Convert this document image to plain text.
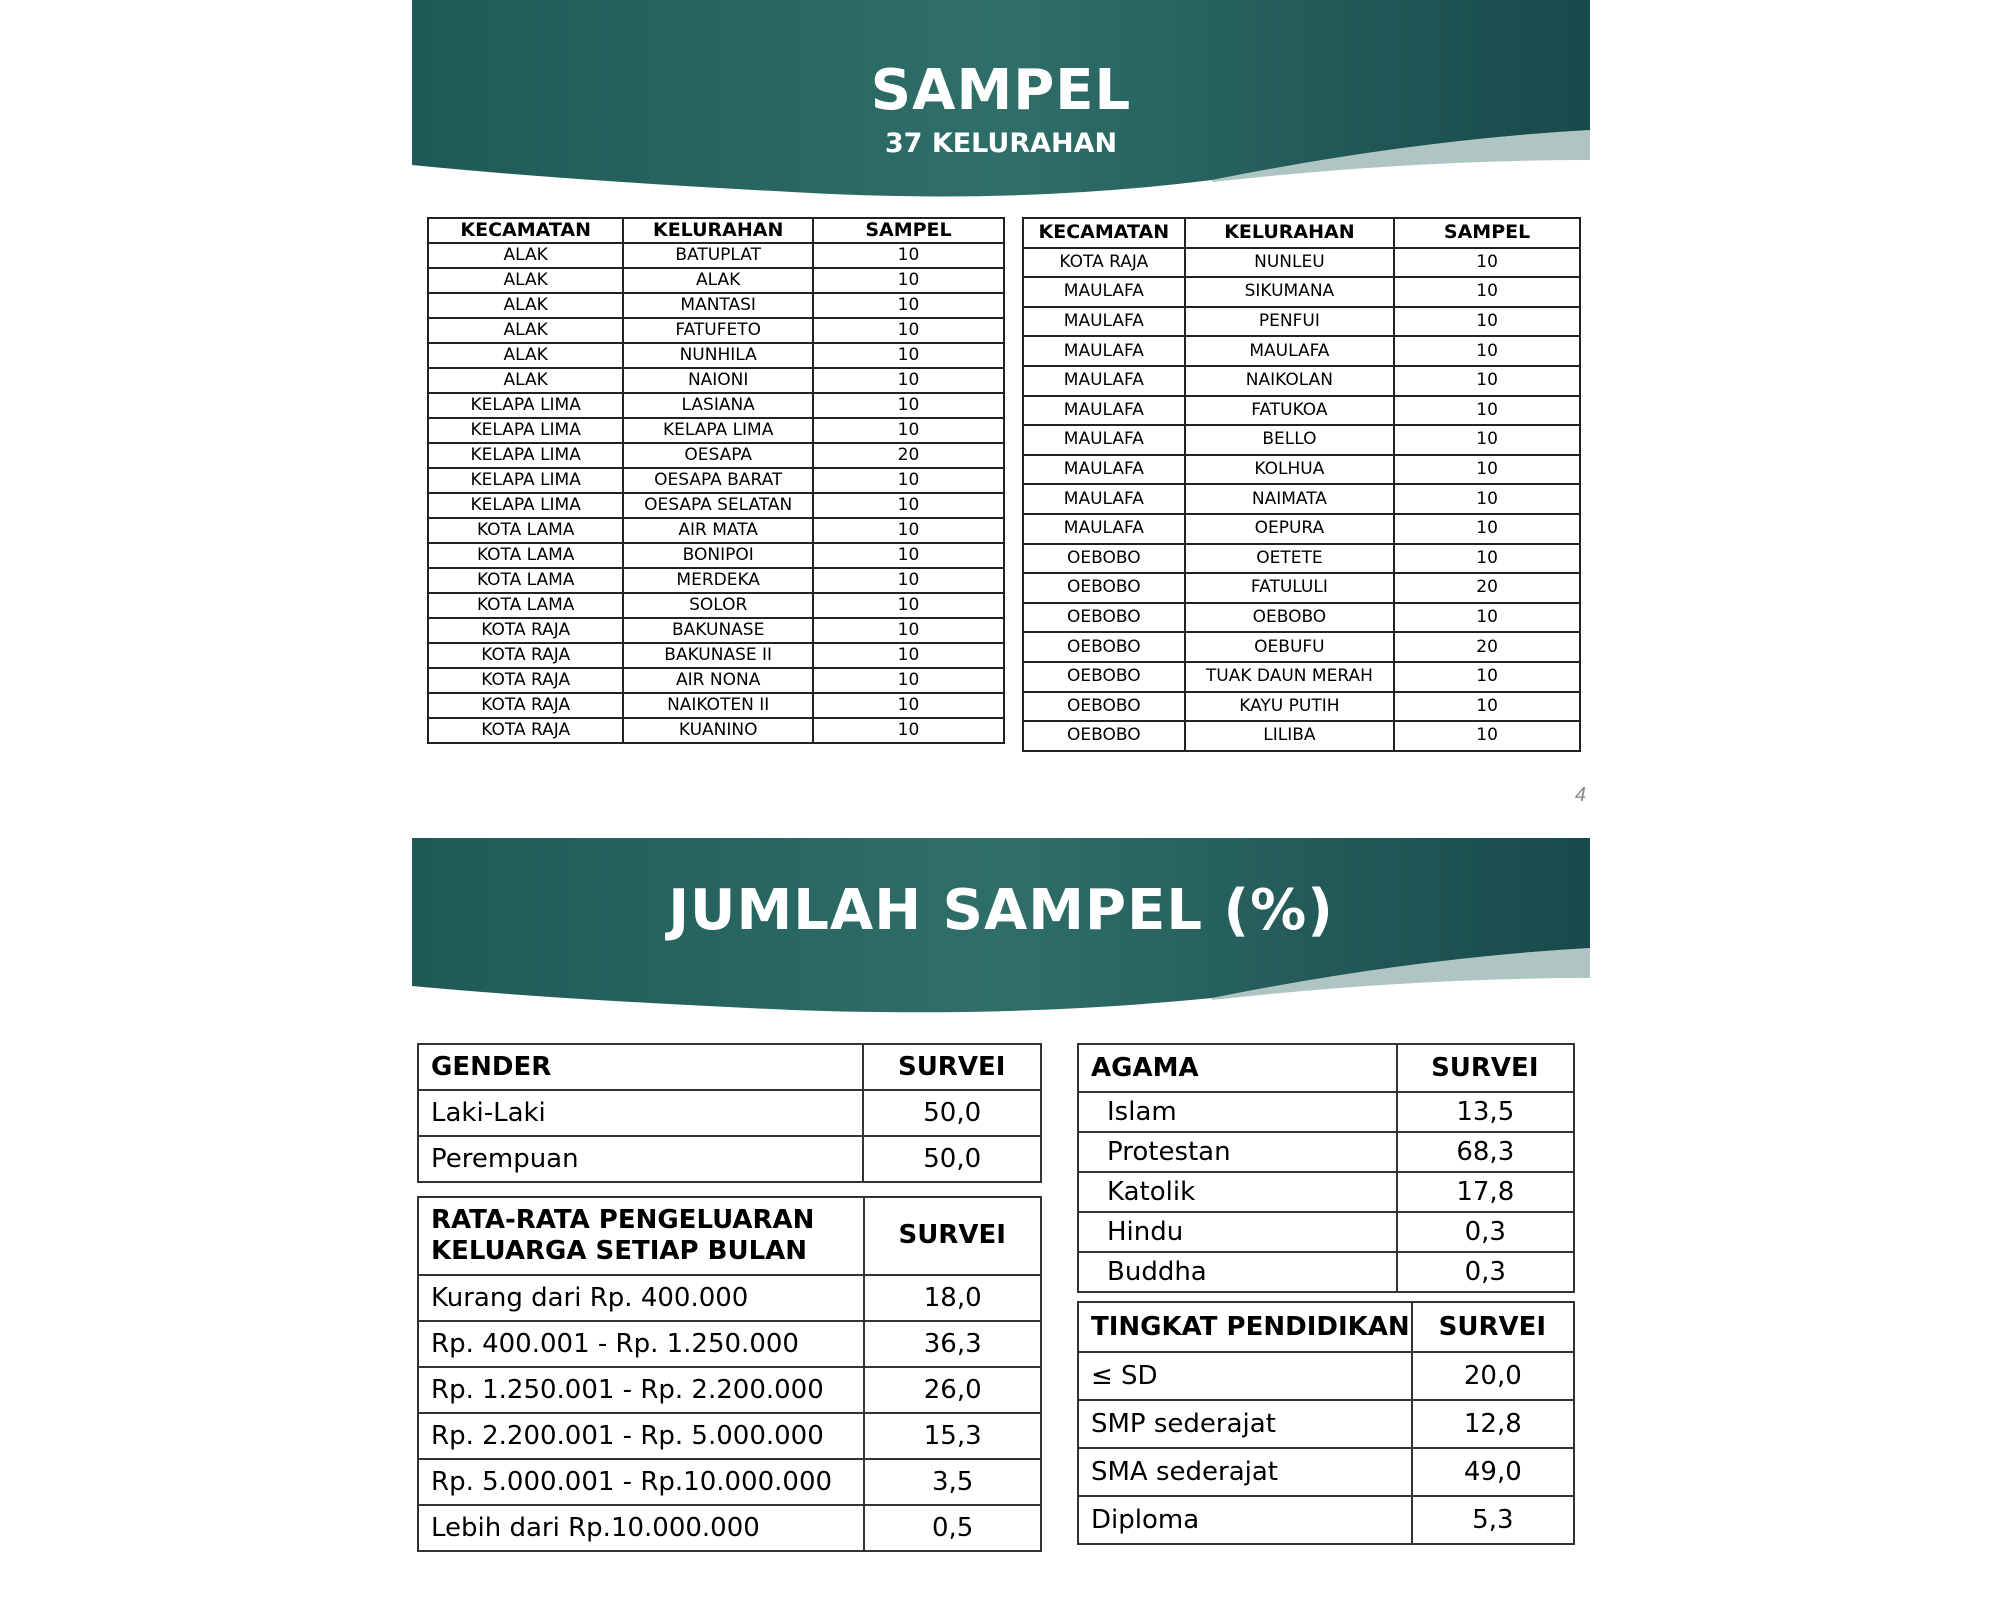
SAMPEL
37 KELURAHAN
KECAMATAN	KELURAHAN	SAMPEL
ALAK	BATUPLAT	10
ALAK	ALAK	10
ALAK	MANTASI	10
ALAK	FATUFETO	10
ALAK	NUNHILA	10
ALAK	NAIONI	10
KELAPA LIMA	LASIANA	10
KELAPA LIMA	KELAPA LIMA	10
KELAPA LIMA	OESAPA	20
KELAPA LIMA	OESAPA BARAT	10
KELAPA LIMA	OESAPA SELATAN	10
KOTA LAMA	AIR MATA	10
KOTA LAMA	BONIPOI	10
KOTA LAMA	MERDEKA	10
KOTA LAMA	SOLOR	10
KOTA RAJA	BAKUNASE	10
KOTA RAJA	BAKUNASE II	10
KOTA RAJA	AIR NONA	10
KOTA RAJA	NAIKOTEN II	10
KOTA RAJA	KUANINO	10
KECAMATAN	KELURAHAN	SAMPEL
KOTA RAJA	NUNLEU	10
MAULAFA	SIKUMANA	10
MAULAFA	PENFUI	10
MAULAFA	MAULAFA	10
MAULAFA	NAIKOLAN	10
MAULAFA	FATUKOA	10
MAULAFA	BELLO	10
MAULAFA	KOLHUA	10
MAULAFA	NAIMATA	10
MAULAFA	OEPURA	10
OEBOBO	OETETE	10
OEBOBO	FATULULI	20
OEBOBO	OEBOBO	10
OEBOBO	OEBUFU	20
OEBOBO	TUAK DAUN MERAH	10
OEBOBO	KAYU PUTIH	10
OEBOBO	LILIBA	10
4
JUMLAH SAMPEL (%)
GENDER	SURVEI
Laki-Laki	50,0
Perempuan	50,0
RATA-RATA PENGELUARAN
KELUARGA SETIAP BULAN	SURVEI
Kurang dari Rp. 400.000	18,0
Rp. 400.001 - Rp. 1.250.000	36,3
Rp. 1.250.001 - Rp. 2.200.000	26,0
Rp. 2.200.001 - Rp. 5.000.000	15,3
Rp. 5.000.001 - Rp.10.000.000	3,5
Lebih dari Rp.10.000.000	0,5
AGAMA	SURVEI
Islam	13,5
Protestan	68,3
Katolik	17,8
Hindu	0,3
Buddha	0,3
TINGKAT PENDIDIKAN	SURVEI
≤ SD	20,0
SMP sederajat	12,8
SMA sederajat	49,0
Diploma	5,3
